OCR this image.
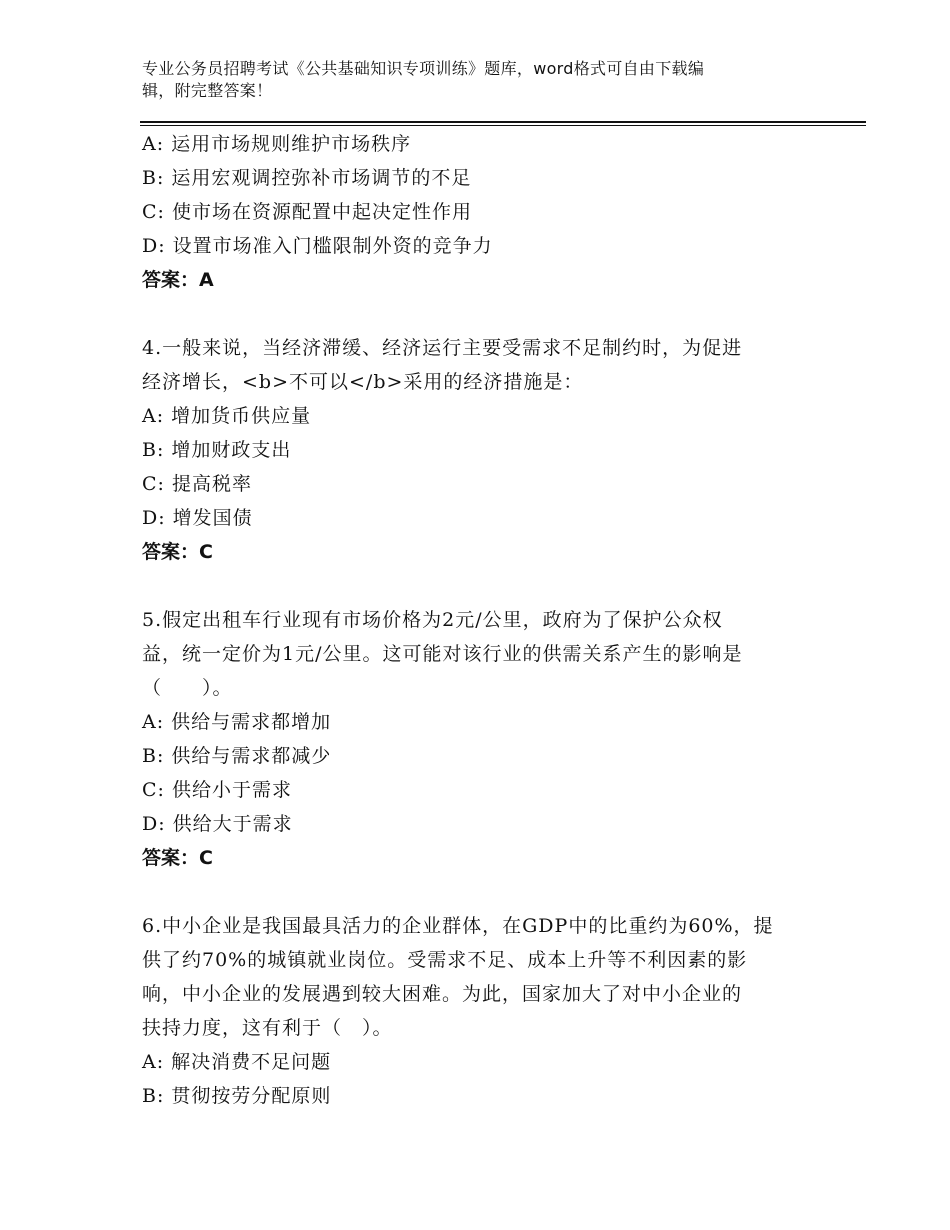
专业公务员招聘考试《公共基础知识专项训练》题库，word格式可自由下载编
辑，附完整答案！
A: 运用市场规则维护市场秩序
B: 运用宏观调控弥补市场调节的不足
C: 使市场在资源配置中起决定性作用
D: 设置市场准入门槛限制外资的竞争力
答案：A
4.一般来说，当经济滞缓、经济运行主要受需求不足制约时，为促进
经济增长，<b>不可以</b>采用的经济措施是：
A: 增加货币供应量
B: 增加财政支出
C: 提高税率
D: 增发国债
答案：C
5.假定出租车行业现有市场价格为2元/公里，政府为了保护公众权
益，统一定价为1元/公里。这可能对该行业的供需关系产生的影响是
（　　）。
A: 供给与需求都增加
B: 供给与需求都减少
C: 供给小于需求
D: 供给大于需求
答案：C
6.中小企业是我国最具活力的企业群体，在GDP中的比重约为60%，提
供了约70%的城镇就业岗位。受需求不足、成本上升等不利因素的影
响，中小企业的发展遇到较大困难。为此，国家加大了对中小企业的
扶持力度，这有利于（　）。
A: 解决消费不足问题
B: 贯彻按劳分配原则
